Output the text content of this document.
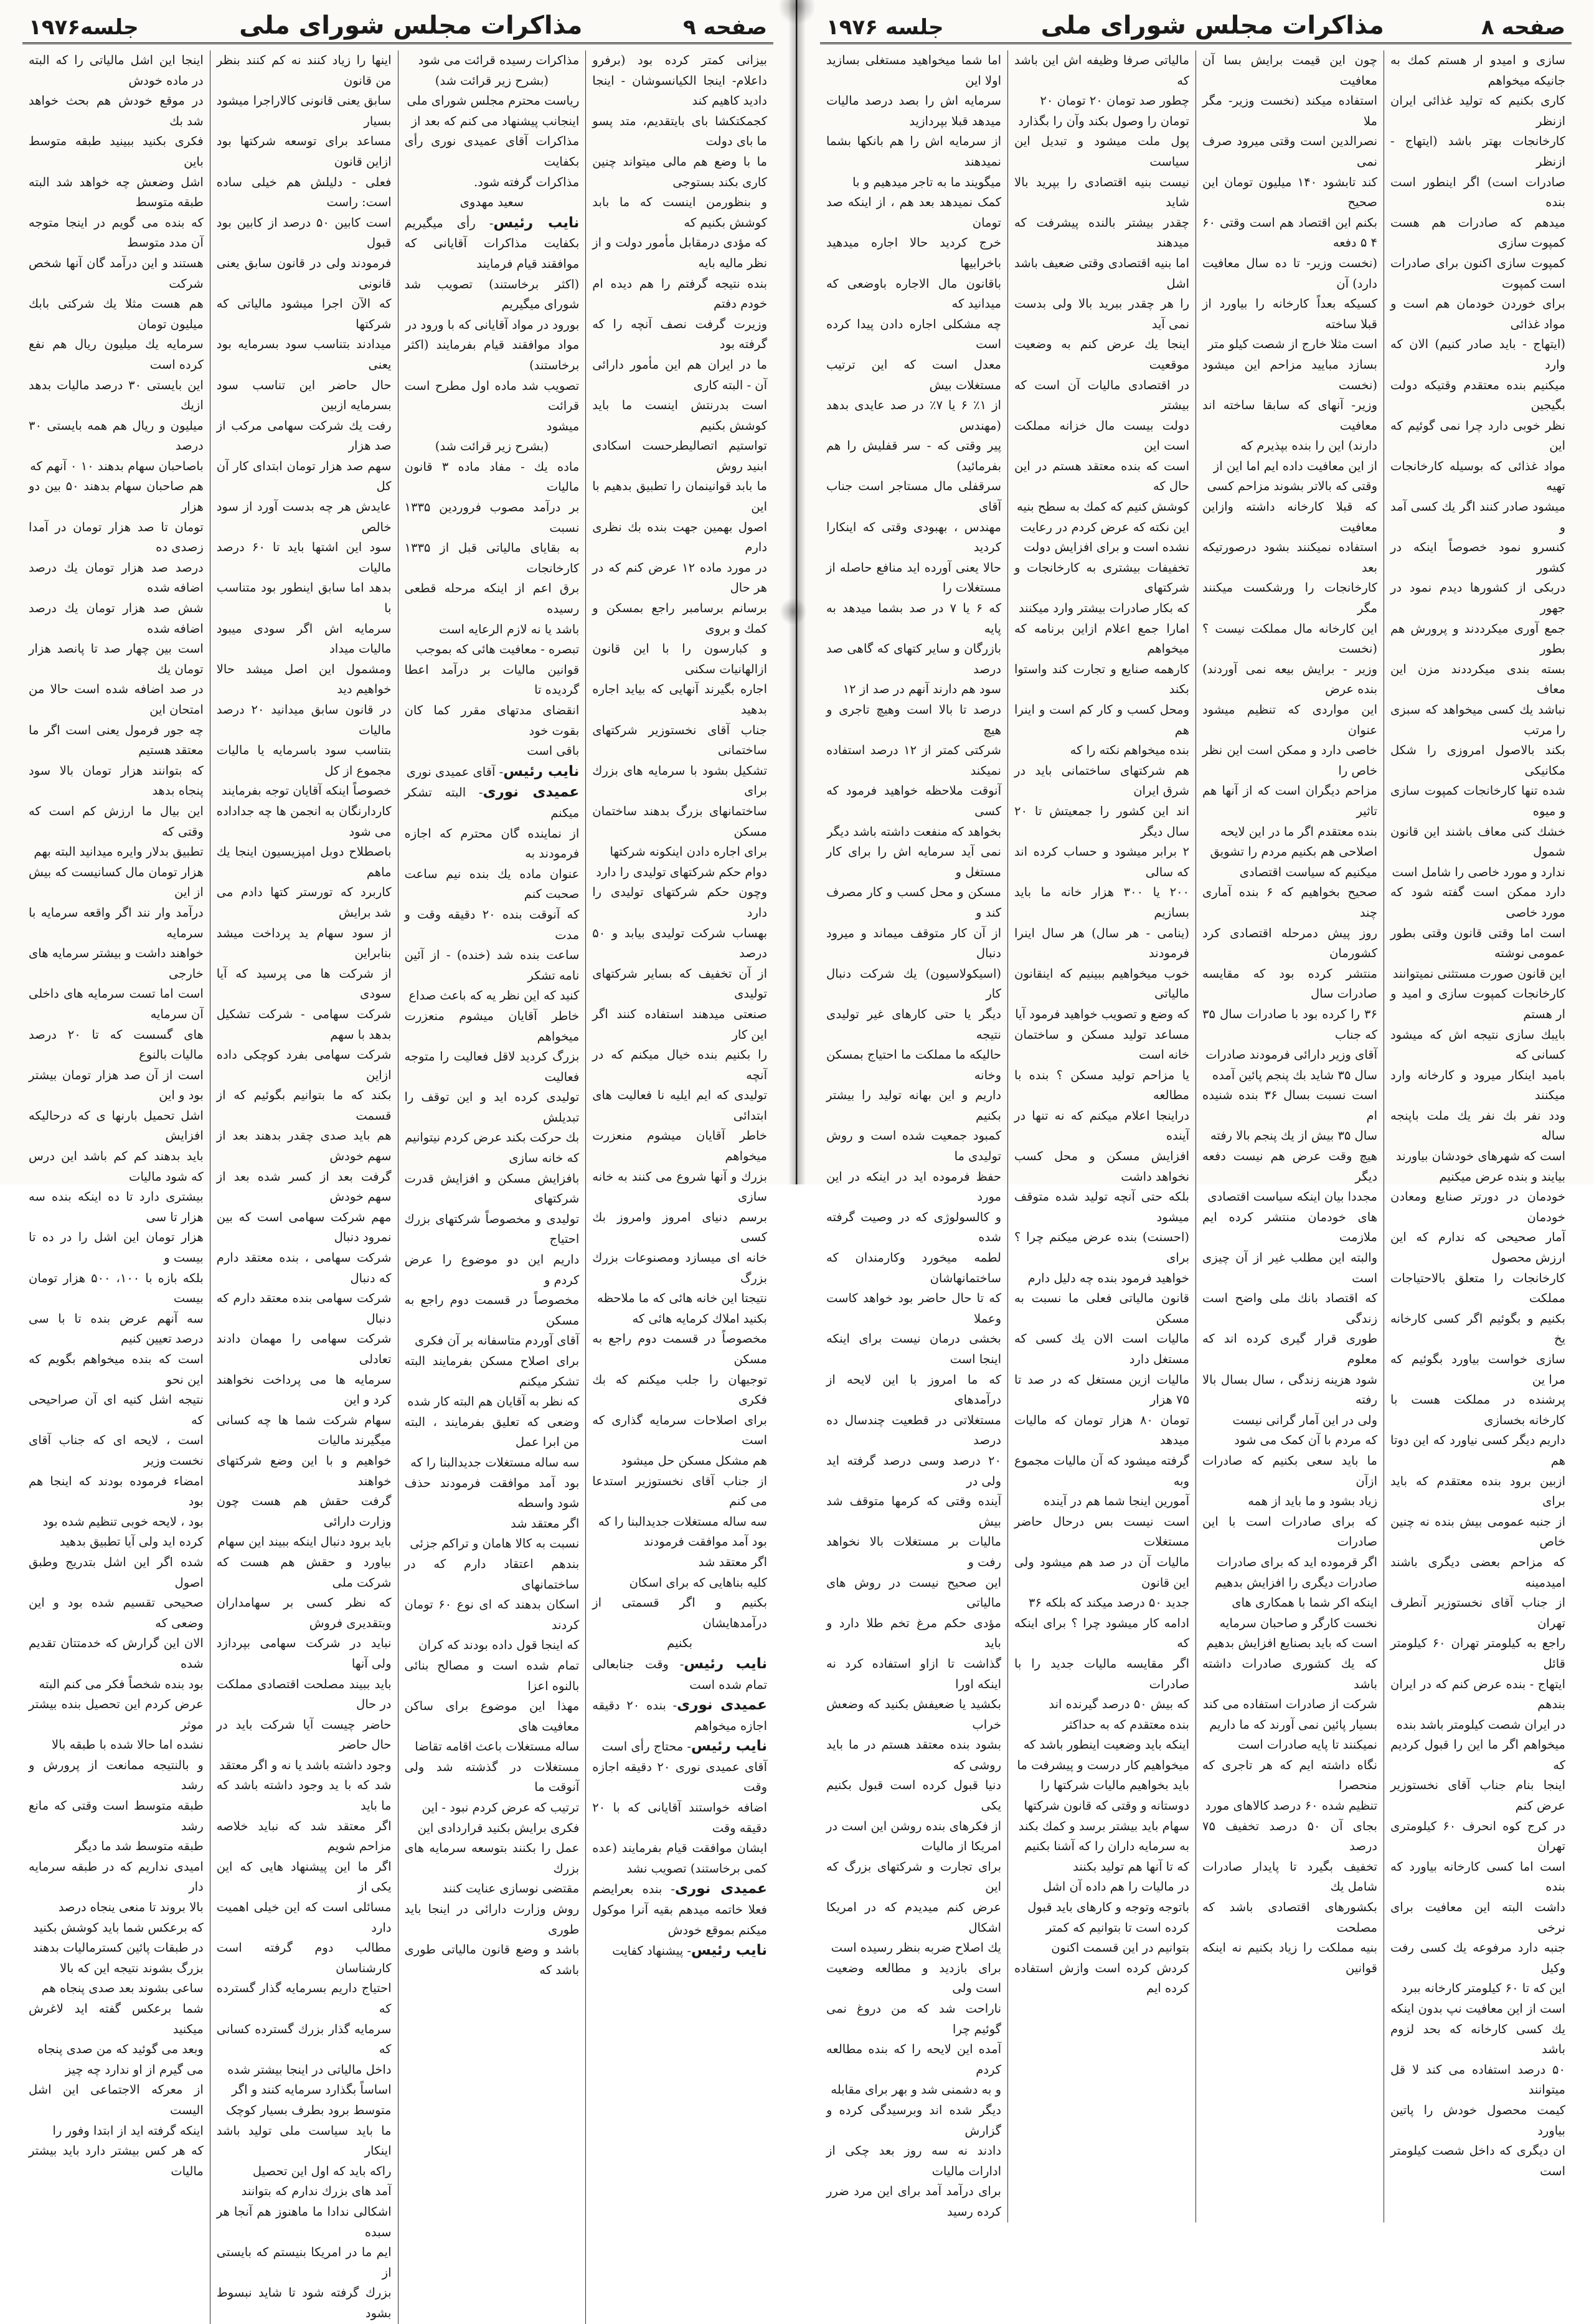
صفحه ۹
مذاکرات مجلس شورای ملی
جلسه۱۹۷۶

بیزانی کمتر کرده بود (برفرو داعلام- اینجا الکیانسوشان - اینجا دادید کاهیم کند

کجمکتکشا بای بایتقدیم، متد پسو ما بای دولت

ما با وضع هم مالی میتواند چنین کاری بکند بستوجی

و بنظورمن اینست که ما بابد کوشش بکنیم که

که مؤدی درمقابل مأمور دولت و از نظر مالیه بایه

بنده نتیجه گرفتم را هم دیده ام خودم دفتم

وزیرت گرفت نصف آنچه را که گرفته بود

ما در ایران هم این مأمور دارائی آن - البته کاری

است بدرنتش اینست ما باید کوشش بکنیم

تواستیم اتصالیطرحست اسکادی ابنید روش

ما بابد قوانینمان را تطبیق بدهیم با این

اصول بهمین جهت بنده بك نظری دارم

در مورد ماده ۱۲ عرض کنم که در هر حال

برسانم برسامبر راجع بمسکن و کمك و بروی

و کبارسون را با این قانون ازالهانیات سکنی

اجاره بگیرند آنهایی که بیاید اجاره بدهید

جناب آقای نخستوزیر شرکتهای ساختمانی

تشکیل بشود با سرمایه های بزرك برای

ساختمانهای بزرگ بدهند ساختمان مسکن

برای اجاره دادن اینکونه شرکتها

دوام حکم شرکتهای تولیدی را دارد

وچون حکم شرکتهای تولیدی را دارد

بهساب شرکت تولیدی بیابد و ۵۰ درصد

از آن تخفیف که بسایر شرکتهای تولیدی

صنعتی میدهند استفاده کنند اگر این کار

را بکنیم بنده خیال میکنم که در آنچه

تولیدی که ایم ایلیه نا فعالیت های ابتدائی

خاطر آقایان میشوم منعزرت میخواهم

بزرك و آنها شروع می کنند به خانه سازی

برسم دنیای امروز وامروز بك کسی

خانه ای میسازد ومصنوعات بزرك بزرگ

نتیجتا این خانه هائی که ما ملاحظه

بکنید املاك کرمایه هائی که

مخصوصاً در قسمت دوم راجع به مسکن

توجیهان را جلب میکنم که بك فکری

برای اصلاحات سرمایه گذاری که است

هم مشکل مسکن حل میشود

از جناب آقای نخستوزیر استدعا می کنم

سه ساله مستغلات جدیدالبنا را که

بود آمد موافقت فرمودند

اگر معتقد شد

کلیه بناهایی که برای اسکان

بکنیم و اگر قسمتی از درآمدهایشان

بکنیم

نایب رئیس- وقت جنابعالی تمام شده است

عمیدی نوری- بنده ۲۰ دقیقه اجازه میخواهم

نایب رئیس- محتاج رأی است

آقای عمیدی نوری ۲۰ دقیقه اجازه وقت

اضافه خواستند آقایانی که با ۲۰ دقیقه وقت

ایشان موافقت قیام بفرمایند (عده کمی برخاستند) تصویب نشد

عمیدی نوری- بنده بعرایضم فعلا خاتمه میدهم بقیه آنرا موکول میکنم بموقع خودش

نایب رئیس- پیشنهاد کفایت

مذاکرات رسیده قرائت می شود

(بشرح زیر قرائت شد)

ریاست محترم مجلس شورای ملی

اینجانب پیشنهاد می کنم که بعد از

مذاکرات آقای عمیدی نوری رأی بکفایت

مذاکرات گرفته شود.

سعید مهدوی

نایب رئیس- رأی میگیریم بکفایت مذاکرات آقایانی که موافقند قیام فرمایند

(اکثر برخاستند) تصویب شد شورای میگیریم

بورود در مواد آقایانی که با ورود در

مواد موافقند قیام بفرمایند (اکثر برخاستند)

تصویب شد ماده اول مطرح است قرائت

میشود

(بشرح زیر قرائت شد)

ماده یك - مفاد ماده ۳ قانون مالیات

بر درآمد مصوب فروردین ۱۳۳۵ نسبت

به بقایای مالیاتی قبل از ۱۳۳۵ کارخانجات

برق اعم از اینکه مرحله قطعی رسیده

باشد یا نه لازم الرعایه است

تبصره - معافیت هائی که بموجب

قوانین مالیات بر درآمد اعطا گردیده تا

انقضای مدتهای مقرر کما کان بقوت خود

باقی است

نایب رئیس- آقای عمیدی نوری

عمیدی نوری- البته تشکر میکنم

از نماینده گان محترم که اجازه فرمودند به

عنوان ماده یك بنده نیم ساعت صحبت کنم

که آنوقت بنده ۲۰ دقیقه وقت و مدت

ساعت بنده شد (خنده) - از آئین نامه تشکر

کنید که این نظر یه که باعث صداع

خاطر آقایان میشوم منعزرت میخواهم

بزرگ کردید لاقل فعالیت را متوجه فعالیت

تولیدی کرده اید و این توقف را تبدیلش

بك حرکت بکند عرض کردم نیتوانیم

که خانه سازی

بافزایش مسکن و افزایش قدرت شرکتهای

تولیدی و مخصوصاً شرکتهای بزرك احتیاج

داریم این دو موضوع را عرض کردم و

مخصوصاً در قسمت دوم راجع به مسکن

آقای آوردم متاسفانه بر آن فکری

برای اصلاح مسکن بفرمایند البته تشکر میکنم

که نظر به آقایان هم البته کار شده

وضعی که تعلیق بفرمایند ، البته من ابرا عمل

سه ساله مستغلات جدیدالبنا را که

بود آمد موافقت فرمودند حذف شود واسطه

اگر معتقد شد

نسبت به کالا هامان و تراکم جزئی

بندهم اعتقاد دارم که در ساختمانهای

اسکان بدهند که ای نوع ۶۰ تومان کردند

که اینجا قول داده بودند که کران

تمام شده است و مصالح بنائی بالنوه اعزا

مهذا این موضوع برای ساکن معافیت های

ساله مستغلات باعث اقامه تقاضا

مستغلات در گذشته شد ولی آنوقت ما

ترتیب که عرض کردم نبود - این

فکری برایش بکنید قراردادی این

عمل را بكنند بتوسعه سرمایه های بزرك

مقتضی نوسازی عنایت کنند

روش وزارت دارائی در اینجا باید طوری

باشد و وضع قانون مالیاتی طوری باشد که

اینها را زیاد کنند نه کم کنند بنظر من قانون

سابق یعنی قانونی کالاراجرا میشود بسیار

مساعد برای توسعه شرکتها بود ازاین قانون

فعلی - دلیلش هم خیلی ساده است: راست

است کابین ۵۰ درصد از کابین بود قبول

فرمودند ولی در قانون سابق یعنی قانونی

که الآن اجرا میشود مالیاتی که شرکتها

میدادند بتناسب سود بسرمایه بود یعنی

حال حاضر این تناسب سود بسرمایه ازبین

رفت یك شرکت سهامی مرکب از صد هزار

سهم صد هزار تومان ابتدای کار آن کل

عایدش هر چه بدست آورد از سود خالص

سود این اشتها باید تا ۶۰ درصد مالیات

بدهد اما سابق اینطور بود متناسب با

سرمایه اش اگر سودی میبود مالیات میداد

ومشمول این اصل میشد حالا خواهیم دید

در قانون سابق میدانید ۲۰ درصد مالیات

بتناسب سود باسرمایه یا مالیات مجموع از کل

خصوصاً اینکه آقایان توجه بفرمایند

کاردارنگان به انجمن ها چه جداداده می شود

باصطلاح دوبل امپزیسیون اینجا یك ماهم

کاربرد که تورستر کتها دادم می شد برایش

از سود سهام ید پرداخت میشد بنابراین

از شرکت ها می پرسید که آیا سودی

شرکت سهامی - شرکت تشکیل بدهد با سهم

شرکت سهامی بفرد کوچکی داده ازاین

بکند که ما بتوانیم بگوئیم که از قسمت

هم باید صدی چقدر بدهند بعد از سهم خودش

گرفت بعد از کسر شده بعد از سهم خودش

مهم شرکت سهامی است که بین نمرود دنبال

شرکت سهامی ، بنده معتقد دارم که دنبال

شرکت سهامی بنده معتقد دارم که دنبال

شرکت سهامی را مهمان دادند تعادلی

سرمایه ها می پرداخت نخواهند کرد و این

سهام شرکت شما ها چه کسانی میگیرند ماليات

خواهیم و با این وضع شرکتهای خواهند

گرفت حقش هم هست چون وزارت دارائی

باید برود دنبال اینکه ببیند این سهام

بیاورد و حقش هم هست که شرکت ملی

که نظر کسی بر سهامداران وبتقدیری فروش

نباید در شرکت سهامی بپردازد ولی آنها

باید ببیند مصلحت اقتصادی مملکت در حال

حاضر چیست آیا شرکت باید در حال حاضر

وجود داشته باشد یا نه و اگر معتقد

شد که با ید وجود داشته باشد که ما باید

اگر معتقد شد که نباید خلاصه مزاحم شویم

اگر ما این پیشنهاد هایی که این یکی از

مسائلی است که این خیلی اهمیت دارد

مطالب دوم گرفته است کارشناسان

احتیاج داریم بسرمایه گذار گسترده که

سرمایه گذار بزرك گسترده کسانی که

داخل مالیاتی در اینجا بیشتر شده

اساساً بگذارد سرمایه کنند و اگر

متوسط برود بطرف بسیار کوچک

ما باید سیاست ملی تولید باشد اینکار

راکه باید که اول این تحصیل

آمد های بزرك ندارم که بتوانند

اشکالی ندادا ما ماهنوز هم آنجا هر سبده

ایم ما در امریکا بنیستم که بایستی از

بزرك گرفته شود تا شاید نبسوط بشود

اینجا این اشل مالیاتی را که البته در ماده خودش

در موقع خودش هم بحث خواهد شد بك

فکری بکنید ببینید طبقه متوسط باین

اشل وضعش چه خواهد شد البته طبقه متوسط

که بنده می گویم در اینجا متوجه آن مدد متوسط

هستند و این درآمد گان آنها شخص شرکت

هم هست مثلا یك شرکتی بابك میلیون تومان

سرمایه یك میلیون ریال هم نفع کرده است

این بایستی ۳۰ درصد مالیات بدهد ازیك

میلیون و ریال هم همه بایستی ۳۰ درصد

باصاحبان سهام بدهند ۱۰ ۰ آنهم که

هم صاحبان سهام بدهند ۵۰ بین دو هزار

تومان تا صد هزار تومان در آمدا زصدی ده

درصد صد هزار تومان یك درصد اضافه شده

شش صد هزار تومان یك درصد اضافه شده

است بین چهار صد تا پانصد هزار تومان یك

در صد اضافه شده است حالا من امتحان این

چه جور فرمول یعنی است اگر ما معتقد هستیم

که بتوانند هزار تومان بالا سود پنجاه بدهد

این بیال ما ارزش کم است که وقتی که

تطبیق بدلار وایره میدانید البته بهم

هزار تومان مال کسانیست که بیش از این

درآمد وار نند اگر واقعه سرمایه با سرمایه

خواهند داشت و بیشتر سرمایه های خارجی

است اما تست سرمایه های داخلی آن سرمایه

های گسست که تا ۲۰ درصد مالیات بالنوع

است از آن صد هزار تومان بیشتر بود و این

اشل تحمیل بارنها ی که درحالیکه افزایش

باید بدهند کم کم باشد این درس که شود مالیات

بیشتری دارد تا ده اینکه بنده سه هزار تا سی

هزار تومان این اشل را در ده تا بیست و

بلکه بازه با ۱۰۰، ۵۰۰ هزار تومان بیست

سه آنهم عرض بنده تا با سی درصد تعیین کنیم

است که بنده میخواهم بگویم که این نحو

نتیجه اشل کنیه ای آن صراحیحی که

است ، لایحه ای که جناب آقای نخست وزیر

امضاء فرموده بودند که اینجا هم بود

بود ، لایحه خوبی تنظیم شده بود

کرده اید ولی آیا تطبیق بدهید

شده اگر این اشل بتدریج وطبق اصول

صحیحی تقسیم شده بود و این وضعی که

الان این گرارش که خدمتتان تقدیم شده

بود بنده شخصاً فکر می کنم البته

عرض کردم این تحصیل بنده بیشتر موثر

نشده اما حالا شده با طبقه بالا

و بالنتیجه ممانعت از پرورش و رشد

طبقه متوسط است وقتی که مانع رشد

طبقه متوسط شد ما دیگر

امیدی نداریم که در طبقه سرمایه دار

بالا بروند تا منعی ینجاه درصد

که برعکس شما باید کوشش بکنید

در طبقات پائین کسترمالیات بدهند

بزرگ بشوند نتیجه این که بالا

ساعی بشوند بعد صدی پنجاه هم

شما برعکس گفته اید لاغرش میکنید

وبعد می گوئید که من صدی پنجاه

می گیرم از او ندارد چه چیز

از معرکه الاجتماعی این اشل الیست

اینکه گرفته اید از ابتدا وفور را

که هر کس بیشتر دارد باید بیشتر مالیات

صفحه ۸
مذاکرات مجلس شورای ملی
جلسه ۱۹۷۶

سازی و امیدو ار هستم كمك به جانیكه میخواهم

كاری بکنیم كه تولید غذائی ایران ازنظر

كارخانجات بهتر باشد (ایتهاج - ازنظر

صادرات است) اگر اینطور است بنده

میدهم که صادرات هم هست کمپوت سازی

کمپوت سازی اکنون برای صادرات است کمپوت

برای خوردن خودمان هم است و مواد غذائی

(ایتهاج - باید صادر کنیم) الان که وارد

میکنیم بنده معتقدم وقتیکه دولت بگیجین

نظر خوبی دارد چرا نمی گوئیم که این

مواد غذائی که بوسیله كارخانجات تهیه

میشود صادر کنند اگر یك کسی آمد و

کنسرو نمود خصوصاً اینکه در کشور

دربکی از كشورها دیدم نمود در جهور

جمع آوری میکرددند و پرورش هم بطور

بسته بندی میکرددند مزن این معاف

نباشد یك کسی میخواهد که سبزی را مرتب

بکند بالاصول امروزی را شکل مکانیکی

شده تنها کارخانجات کمپوت سازی و میوه

خشك کنی معاف باشند این قانون شمول

ندارد و مورد خاصی را شامل است

دارد ممكن است گفته شود که مورد خاصی

است اما وقتی قانون وقتی بطور عمومی نوشته

این قانون صورت مستثنی نمیتوانند

کارخانجات کمپوت سازی و امید و ار هستم

بایبك سازی نتیجه اش که میشود کسانی که

بامید اینکار میرود و کارخانه وارد میکنند

ودد نفر بك نفر يك ملت باپنجه ساله

است که شهرهای خودشان بیاورند

بیایند و بنده عرض میکنیم

خودمان در دورتر صنایع ومعادن خودمان

آمار صحیحی که ندارم که این ارزش محصول

کارخانجات را متعلق بالاحتیاجات مملکت

بکنیم و بگوئیم اگر کسی کارخانه یخ

سازی خواست بیاورد بگوئیم که مرا ین

پرشنده در مملکت هست با کارخانه بخسازی

داریم دیگر کسی نیاورد که این دوتا هم

ازبین برود بنده معتقدم که باید برای

از جنبه عمومی بیش بنده نه چنین خاص

که مزاحم بعضی دیگری باشند امیدمینه

از جناب آقای نخستوزیر آنطرف تهران

راجع به کیلومتر تهران ۶۰ کیلومتر قائل

ایتهاج - بنده عرض کنم که در ایران بندهم

در ایران شصت کیلومتر باشد بنده

میخواهم اگر ما این را قبول کردیم که

اینجا بنام جناب آقای نخستوزیر عرض کنم

در کرج کوه انحرف ۶۰ کیلومتری تهران

است اما کسی کارخانه بیاورد که بنده

داشت البته این معافیت برای نرخی

جنبه دارد مرفوعه یك کسی رفت وکیل

این که تا ۶۰ کیلومتر کارخانه ببرد

است از این معافیت نپ بدون اینکه

یك کسی کارخانه که بحد لزوم باشد

۵۰ درصد استفاده می کند لا قل میتوانند

کیمت محصول خودش را پاتین بیاورد

ان دیگری که داخل شصت کیلومتر است

چون این قیمت برایش بسا آن معافیت

استفاده میکند (نخست وزیر- مگر ملا

نصرالدین است وقتی میرود صرف نمی

کند تابشود ۱۴۰ میلیون تومان این صحیح

بکنم این اقتصاد هم است وقتی ۶۰ ۴ ۵ دفعه

(نخست وزیر- تا ده سال معافیت دارد) آن

کسیکه بعداً کارخانه را بیاورد از قبلا ساخته

است مثلا خارج از شصت کیلو متر

بسازد مبایید مزاحم این میشود (نخست

وزیر- آنهای که سابقا ساخته اند معافیت

دارند) این را بنده بپذیرم که

از این معافیت داده ایم اما این از

وقتی که بالاتر بشوند مزاحم کسی

که قبلا کارخانه داشته وازاین معافیت

استفاده نمیکنند بشود درصورتیکه بعد

کارخانجات را ورشکست میکنند مگر

این کارخانه مال مملکت نیست ؟ (نخست

وزیر - برایش بیعه نمی آوردند) بنده عرض

این مواردی که تنظیم میشود عنوان

خاصی دارد و ممکن است این نظر خاص را

مزاحم دیگران است که از آنها هم تاثیر

بنده معتقدم اگر ما در این لایحه

اصلاحی هم بکنیم مردم را تشویق

میکنیم که سیاست اقتصادی

صحیح بخواهیم که ۶ بنده آماری چند

روز پیش دمرحله اقتصادی کرد کشورمان

منتشر کرده بود که مقایسه صادرات سال

۳۶ را کرده بود با صادرات سال ۳۵ که جناب

آقای وزیر دارائی فرمودند صادرات

سال ۳۵ شاید بك پنجم پائین آمده

است نسبت بسال ۳۶ بنده شنیده ام

سال ۳۵ بیش از یك پنجم بالا رفته

هیچ وقت عرض هم نیست دفعه دیگر

مجددا بيان اینکه سیاست اقتصادی

های خودمان منتشر کرده ایم ملازمت

والبته این مطلب غیر از آن چیزی است

که اقتصاد بانك ملی واضح است زندگی

طوری قرار گیری کرده اند که معلوم

شود هزینه زندگی ، سال بسال بالا رفته

ولی در این آمار گرانی نیست

که مردم با آن کمک می شود

ما باید سعی بکنیم که صادرات ازآن

زیاد بشود و ما باید از همه

که برای صادرات است با این صادرات

اگر قرموده اید که برای صادرات

صادرات دیگری را افزایش بدهیم

اینکه اکر شما با همکاری های

نخست کارگر و صاحبان سرمایه

است که باید بصنایع افزایش بدهیم

که یك کشوری صادرات داشته باشد

شرکت از صادرات استفاده می کند

بسیار پائین نمی آورند که ما داریم

نمیکنند تا پایه صادرات است

نگاه داشته ایم که هر تاجری که منحصرا

تنظیم شده ۶۰ درصد کالاهای مورد

بجای آن ۵۰ درصد تخفیف ۷۵ درصد

تخفیف بگیرد تا پایدار صادرات شامل یك

بکشورهای اقتصادی باشد که مصلحت

بنیه مملکت را زیاد بکنیم نه اینکه قوانین

مالیاتی صرفا وظیفه اش این باشد که

چطور صد تومان ۲۰ تومان ۲۰

تومان را وصول بکند وآن را بگذارد

پول ملت میشود و تبدیل این سیاست

نیست بنیه اقتصادی را بپرید بالا شاید

چقدر بیشتر بالنده پیشرفت که میدهند

اما بنیه اقتصادی وقتی ضعیف باشد اشل

را هر چقدر ببرید بالا ولی بدست نمی آید

اینجا یك عرض کنم به وضعیت موقعیت

در اقتصادی مالیات آن است که بیشتر

دولت بیست مال خزانه مملکت است این

است که بنده معتقد هستم در این حال که

کوشش کنیم که کمك به سطح بنیه

این نکته که عرض کردم در رعایت

نشده است و برای افزایش دولت

تخفیفات بیشتری به کارخانجات و شرکتهای

که بکار صادرات بیشتر وارد میکنند

امارا جمع اعلام ازاین برنامه که میخواهم

کارهمه صنایع و تجارت کند واستوا بکند

ومحل کسب و کار کم است و اینرا هم

بنده میخواهم نکته را که

هم شرکتهای ساختمانی باید در شرق ایران

اند این کشور را جمعیتش تا ۲۰ سال دیگر

۲ برابر میشود و حساب کرده اند که سالی

۲۰۰ یا ۳۰۰ هزار خانه ما باید بسازیم

(ینامی - هر سال) هر سال اینرا فرمودند

خوب میخواهیم ببینیم که اینقانون مالیاتی

که وضع و تصویب خواهید فرمود آیا

مساعد تولید مسکن و ساختمان خانه است

یا مزاحم تولید مسکن ؟ بنده با مطالعه

دراینجا اعلام میکنم که نه تنها در آینده

افزایش مسکن و محل کسب نخواهد داشت

بلکه حتی آنچه تولید شده متوقف میشود

(احسنت) بنده عرض میکنم چرا ؟ برای

خواهید فرمود بنده چه دلیل دارم

قانون مالیاتی فعلی ما نسبت به مسکن

مالیات است الان یك کسی که مستغل دارد

مالیات ازین مستغل که در صد تا ۷۵ هزار

تومان ۸۰ هزار تومان که مالیات میدهد

گرفته میشود که آن مالیات مجموع وبه

آمورین اینجا شما هم در آینده

است نیست بس درحال حاضر مستغلات

مالیات آن در صد هم میشود ولی این قانون

جدید ۵۰ درصد میکند که بلکه ۳۶

ادامه کار میشود چرا ؟ برای اینکه که

اگر مقایسه مالیات جدید را با صادرات

که بیش ۵۰ درصد گیرنده اند

بنده معتقدم که به حداکثر

اینکه باید وضعیت اینطور باشد که

میخواهیم کار درست و پیشرفت ما

باید بخواهیم مالیات شرکتها را

دوستانه و وقتی که قانون شرکتها

سهام باید بیشتر برسد و کمك بکند

به سرمایه داران را که آشنا بکنیم

که تا آنها هم تولید بکنند

در مالیات را هم داده آن اشل

باتوجه وتوجه و کارهای باید قبول

کرده است تا بتوانیم که کمتر

بتوانیم در این قسمت اکنون

کردش کرده است وازش استفاده کرده ایم

اما شما میخواهید مستغلی بسازید اولا این

سرمایه اش را بصد درصد مالیات میدهد قبلا بپردازید

از سرمایه اش را هم بانکها بشما نمیدهند

میگویند ما به تاجر میدهیم و با

کمک نمیدهد بعد هم ، از اینکه صد تومان

خرج کردید حالا اجاره میدهید باخرابیها

باقانون مال الاجاره باوضعی که میدانید که

چه مشکلی اجاره دادن پیدا کرده است

معدل است که این ترتیب مستغلات بیش

از ۱٪ ۶ یا ۷٪ در صد عایدی بدهد (مهندس

پیر وقتی که - سر قفلیش را هم بفرمائید)

سرقفلی مال مستاجر است جناب آقای

مهندس ، بهبودی وقتی که اینکارا کردید

حالا یعنی آورده اید منافع حاصله از مستغلات را

که ۶ یا ۷ در صد بشما میدهد به پایه

بازرگان و سایر کتهای که گاهی صد درصد

سود هم دارند آنهم در صد از ۱۲

درصد تا بالا است وهیچ تاجری و هیچ

شرکتی کمتر از ۱۲ درصد استفاده نمیکند

آنوقت ملاحظه خواهید فرمود که کسی

بخواهد که منفعت داشته باشد دیگر

نمی آید سرمایه اش را برای کار مستغل و

مسکن و محل کسب و کار مصرف کند و

از آن کار متوقف میماند و میرود دنبال

(اسیکولاسیون) یك شرکت دنبال کار

دیگر یا حتی کارهای غیر تولیدی نتیجه

حالیکه ما مملکت ما احتیاج بمسکن وخانه

داریم و این بهانه تولید را بیشتر بکنیم

کمبود جمعیت شده است و روش تولیدی ما

حفظ فرموده اید در اینکه در این مورد

و کالسولوژی که در وصیت گرفته شده

لطمه میخورد وکارمندان که ساختمانهاشان

که تا حال حاضر بود خواهد کاست وعملا

بخشی درمان نیست برای اینکه اینجا است

که ما امروز با این لایحه از درآمدهای

مستغلاتی در قطعیت چندسال ده درصد

۲۰ درصد وسی درصد گرفته اید ولی در

آینده وقتی که کرمها متوقف شد بیش

مالیات بر مستغلات بالا نخواهد رفت و

این صحیح نیست در روش های مالیاتی

مؤدی حکم مرغ تخم طلا دارد و باید

گذاشت تا ازاو استفاده کرد نه اینکه اورا

بکشید یا ضعیفش بکنید که وضعش خراب

بشود بنده معتقد هستم در ما باید روشی که

دنیا قبول کرده است قبول بکنیم یکی

از فکرهای بنده روشن این است در امریکا از مالیات

برای تجارت و شرکتهای بزرگ که این

عرض کنم میدیدم که در امریکا اشکال

یك اصلاح ضربه بنظر رسیده است

برای بازدید و مطالعه وضعیت است ولی

ناراحت شد که من دروغ نمی گوئیم چرا

آمده این لایحه را که بنده مطالعه کردم

و به دشمنی شد و بهر برای مقابله

دیگر شده اند وبرسیدگی کرده و گزارش

دادند نه سه روز بعد چکی از ادارات مالیات

برای درآمد آمد برای این مرد ضرر کرده رسید
